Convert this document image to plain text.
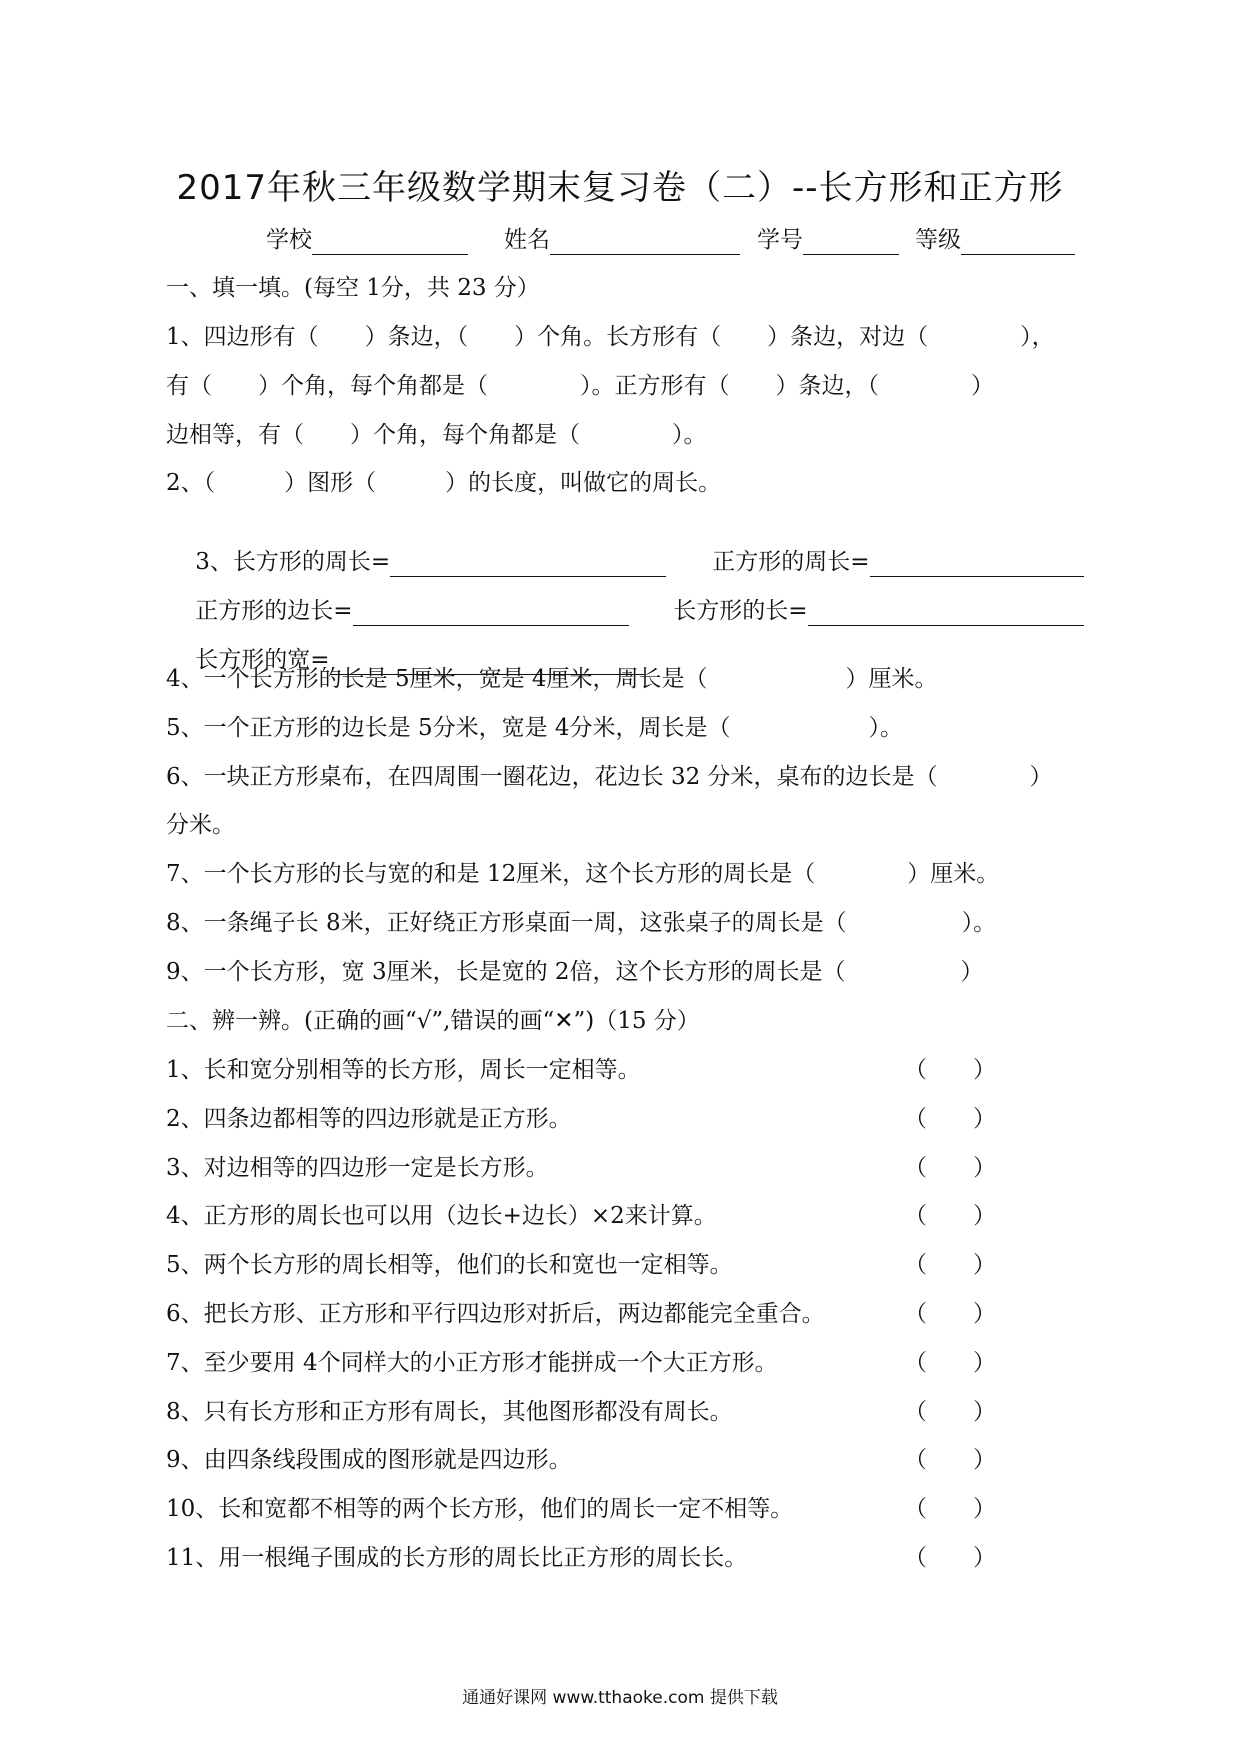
2017年秋三年级数学期末复习卷（二）--长方形和正方形
学校	姓名	学号	等级
一、填一填。(每空 1分，共 23 分）
1、四边形有（　　）条边，（　　）个角。长方形有（　　）条边，对边（　　　　），
有（　　）个角，每个角都是（　　　　）。正方形有（　　）条边，（　　　　）
边相等，有（　　）个角，每个角都是（　　　　）。
2、（　　　）图形（　　　）的长度，叫做它的周长。

3、长方形的周长=
	正方形的周长=

正方形的边长=
	长方形的长=

长方形的宽=

4、一个长方形的长是 5厘米，宽是 4厘米，周长是（　　　　　　）厘米。
5、一个正方形的边长是 5分米，宽是 4分米，周长是（　　　　　　）。
6、一块正方形桌布，在四周围一圈花边，花边长 32 分米，桌布的边长是（　　　　）
分米。
7、一个长方形的长与宽的和是 12厘米，这个长方形的周长是（　　　　）厘米。
8、一条绳子长 8米，正好绕正方形桌面一周，这张桌子的周长是（　　　　　）。
9、一个长方形，宽 3厘米，长是宽的 2倍，这个长方形的周长是（　　　　　）
二、辨一辨。(正确的画“√”,错误的画“✕”)（15 分）
1、长和宽分别相等的长方形，周长一定相等。	（　　）
2、四条边都相等的四边形就是正方形。	（　　）
3、对边相等的四边形一定是长方形。	（　　）
4、正方形的周长也可以用（边长+边长）×2来计算。	（　　）
5、两个长方形的周长相等，他们的长和宽也一定相等。	（　　）
6、把长方形、正方形和平行四边形对折后，两边都能完全重合。	（　　）
7、至少要用 4个同样大的小正方形才能拼成一个大正方形。	（　　）
8、只有长方形和正方形有周长，其他图形都没有周长。	（　　）
9、由四条线段围成的图形就是四边形。	（　　）
10、长和宽都不相等的两个长方形，他们的周长一定不相等。	（　　）
11、用一根绳子围成的长方形的周长比正方形的周长长。	（　　）
通通好课网 www.tthaoke.com 提供下载
